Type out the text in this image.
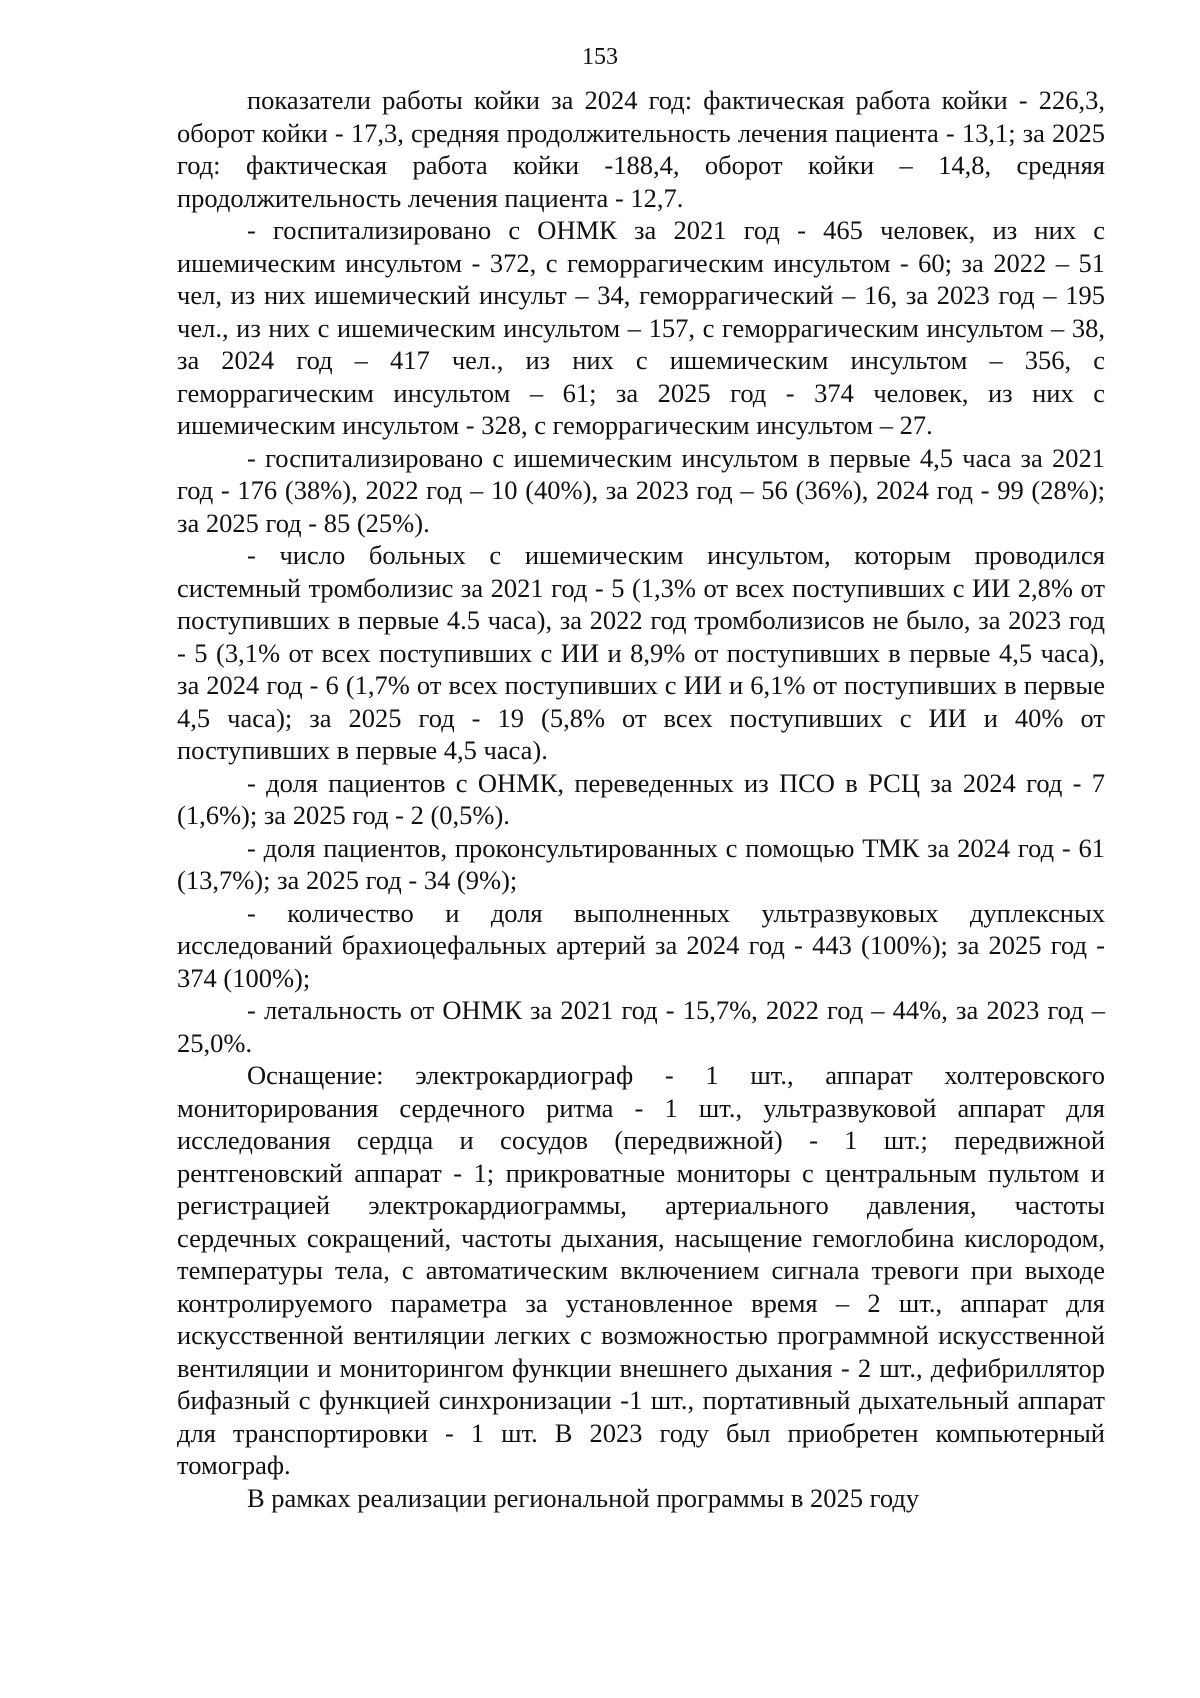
153

показатели работы койки за 2024 год: фактическая работа койки - 226,3, оборот койки - 17,3, средняя продолжительность лечения пациента - 13,1; за 2025 год: фактическая работа койки -188,4, оборот койки – 14,8, средняя продолжительность лечения пациента - 12,7.

- госпитализировано с ОНМК за 2021 год - 465 человек, из них с ишемическим инсультом - 372, с геморрагическим инсультом - 60; за 2022 – 51 чел, из них ишемический инсульт – 34, геморрагический – 16, за 2023 год – 195 чел., из них с ишемическим инсультом – 157, с геморрагическим инсультом – 38, за 2024 год – 417 чел., из них с ишемическим инсультом – 356, с геморрагическим инсультом – 61; за 2025 год - 374 человек, из них с ишемическим инсультом - 328, с геморрагическим инсультом – 27.

- госпитализировано с ишемическим инсультом в первые 4,5 часа за 2021 год - 176 (38%), 2022 год – 10 (40%), за 2023 год – 56 (36%), 2024 год - 99 (28%); за 2025 год - 85 (25%).

- число больных с ишемическим инсультом, которым проводился системный тромболизис за 2021 год - 5 (1,3% от всех поступивших с ИИ 2,8% от поступивших в первые 4.5 часа), за 2022 год тромболизисов не было, за 2023 год - 5 (3,1% от всех поступивших с ИИ и 8,9% от поступивших в первые 4,5 часа), за 2024 год - 6 (1,7% от всех поступивших с ИИ и 6,1% от поступивших в первые 4,5 часа); за 2025 год - 19 (5,8% от всех поступивших с ИИ и 40% от поступивших в первые 4,5 часа).

- доля пациентов с ОНМК, переведенных из ПСО в РСЦ за 2024 год - 7 (1,6%); за 2025 год - 2 (0,5%).

- доля пациентов, проконсультированных с помощью ТМК за 2024 год - 61 (13,7%); за 2025 год - 34 (9%);

- количество и доля выполненных ультразвуковых дуплексных исследований брахиоцефальных артерий за 2024 год - 443 (100%); за 2025 год - 374 (100%);

- летальность от ОНМК за 2021 год - 15,7%, 2022 год – 44%, за 2023 год – 25,0%.

Оснащение: электрокардиограф - 1 шт., аппарат холтеровского мониторирования сердечного ритма - 1 шт., ультразвуковой аппарат для исследования сердца и сосудов (передвижной) - 1 шт.; передвижной рентгеновский аппарат - 1; прикроватные мониторы с центральным пультом и регистрацией электрокардиограммы, артериального давления, частоты сердечных сокращений, частоты дыхания, насыщение гемоглобина кислородом, температуры тела, с автоматическим включением сигнала тревоги при выходе контролируемого параметра за установленное время – 2 шт., аппарат для искусственной вентиляции легких с возможностью программной искусственной вентиляции и мониторингом функции внешнего дыхания - 2 шт., дефибриллятор бифазный с функцией синхронизации -1 шт., портативный дыхательный аппарат для транспортировки - 1 шт. В 2023 году был приобретен компьютерный томограф.

В рамках реализации региональной программы в 2025 году
